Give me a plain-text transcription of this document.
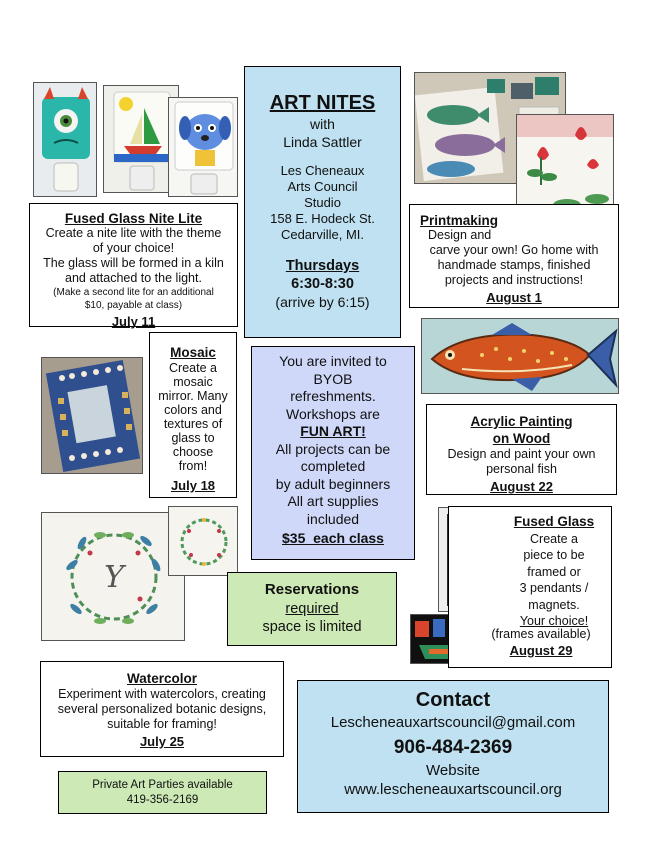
Fused Glass Nite Lite
Create a nite lite with the theme
of your choice!
The glass will be formed in a kiln
and attached to the light.
(Make a second lite for an additional
$10, payable at class)
July 11
ART NITES
with
Linda Sattler
Les Cheneaux
Arts Council
Studio
158 E. Hodeck St.
Cedarville, MI.
Thursdays
6:30-8:30
(arrive by 6:15)
Printmaking
Design and
carve your own! Go home with
handmade stamps, finished
projects and instructions!
August 1
Mosaic
Create a
mosaic
mirror. Many
colors and
textures of
glass to
choose
from!
July 18
You are invited to
BYOB
refreshments.
Workshops are
FUN ART!
All projects can be
completed
by adult beginners
All art supplies
included
$35  each class
Acrylic Painting
on Wood
Design and paint your own
personal fish
August 22
Y	Reservations
required
space is limited
Fused Glass
Create a
piece to be
framed or
3 pendants /
magnets.
Your choice!
(frames available)
August 29
Watercolor
Experiment with watercolors, creating
several personalized botanic designs,
suitable for framing!
July 25
Private Art Parties available
419-356-2169
Contact
Lescheneauxartscouncil@gmail.com
906-484-2369
Website
www.lescheneauxartscouncil.org
